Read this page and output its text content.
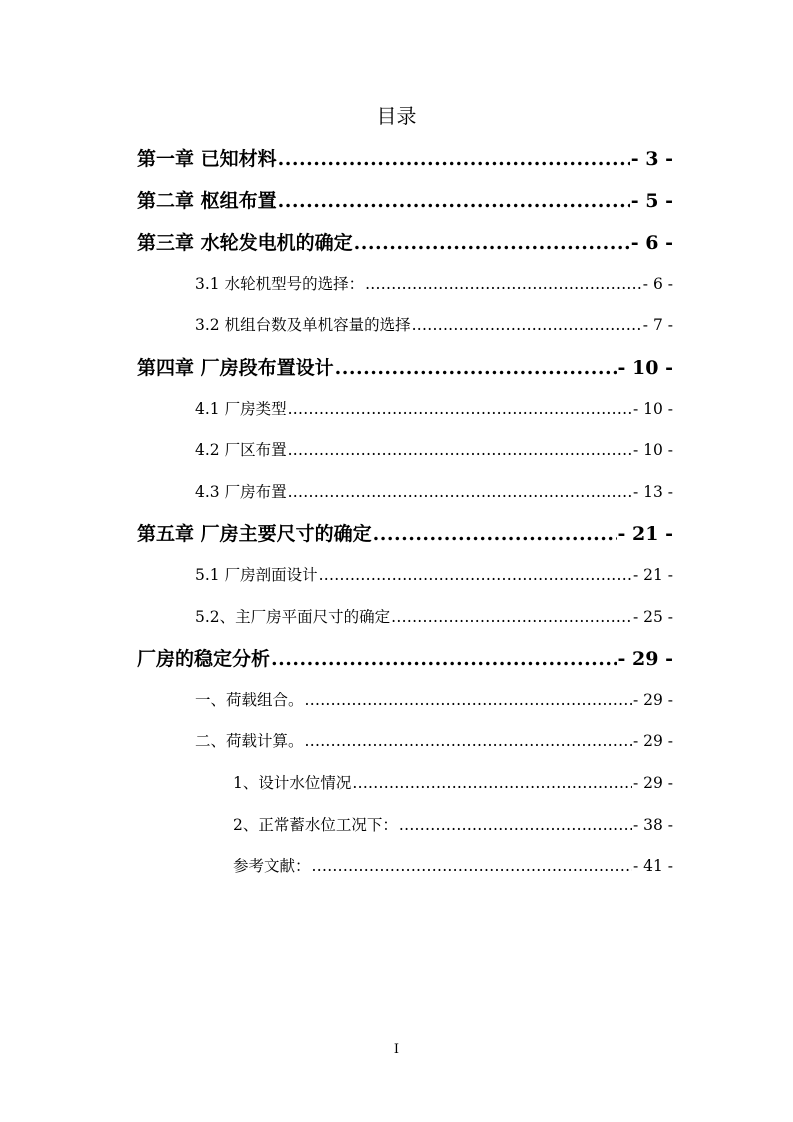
目录
第一章 已知材料 .....	- 3 -
第二章 枢组布置 .....	- 5 -
第三章 水轮发电机的确定 .....	- 6 -
3.1 水轮机型号的选择： .....	- 6 -
3.2 机组台数及单机容量的选择 .....	- 7 -
第四章 厂房段布置设计 .....	- 10 -
4.1 厂房类型 .....	- 10 -
4.2 厂区布置 .....	- 10 -
4.3 厂房布置 .....	- 13 -
第五章 厂房主要尺寸的确定 .....	- 21 -
5.1 厂房剖面设计 .....	- 21 -
5.2、主厂房平面尺寸的确定 .....	- 25 -
厂房的稳定分析 .....	- 29 -
一、荷载组合。 .....	- 29 -
二、荷载计算。 .....	- 29 -
1、设计水位情况 .....	- 29 -
2、正常蓄水位工况下： .....	- 38 -
参考文献： .....	- 41 -
I
